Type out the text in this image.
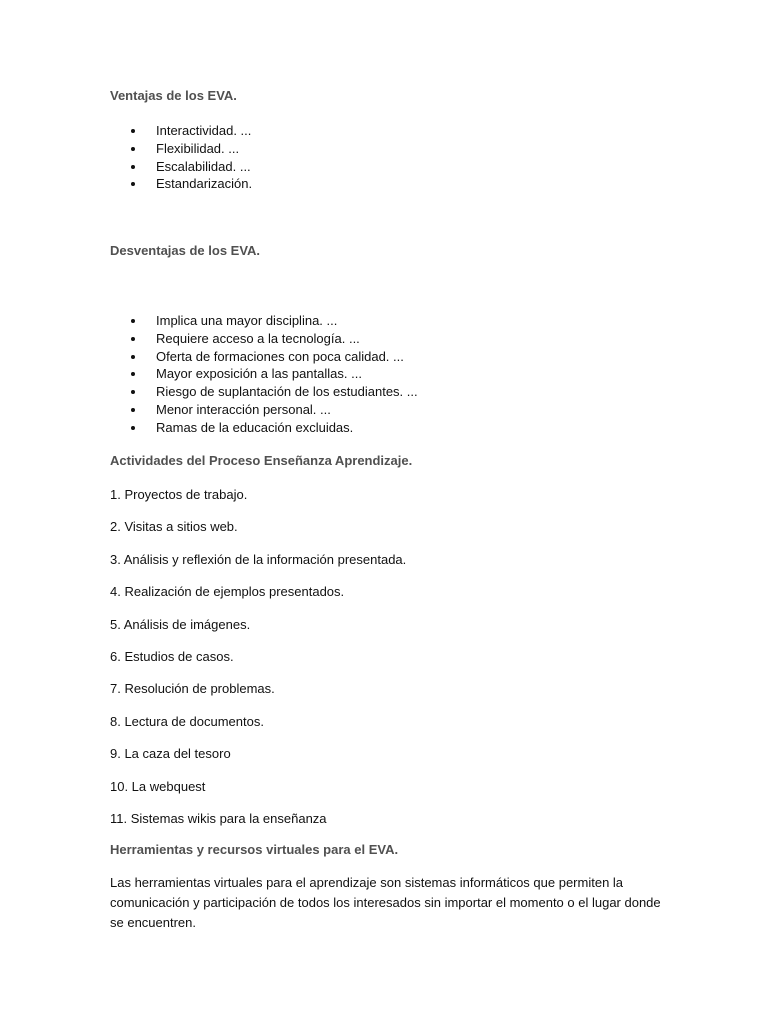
Ventajas de los EVA.
Interactividad. ...
Flexibilidad. ...
Escalabilidad. ...
Estandarización.
Desventajas de los EVA.
Implica una mayor disciplina. ...
Requiere acceso a la tecnología. ...
Oferta de formaciones con poca calidad. ...
Mayor exposición a las pantallas. ...
Riesgo de suplantación de los estudiantes. ...
Menor interacción personal. ...
Ramas de la educación excluidas.
Actividades del Proceso Enseñanza Aprendizaje.
1. Proyectos de trabajo.
2. Visitas a sitios web.
3. Análisis y reflexión de la información presentada.
4. Realización de ejemplos presentados.
5. Análisis de imágenes.
6. Estudios de casos.
7. Resolución de problemas.
8. Lectura de documentos.
9. La caza del tesoro
10. La webquest
11. Sistemas wikis para la enseñanza
Herramientas y recursos virtuales para el EVA.

Las herramientas virtuales para el aprendizaje son sistemas informáticos que permiten la comunicación y participación de todos los interesados sin importar el momento o el lugar donde se encuentren.
